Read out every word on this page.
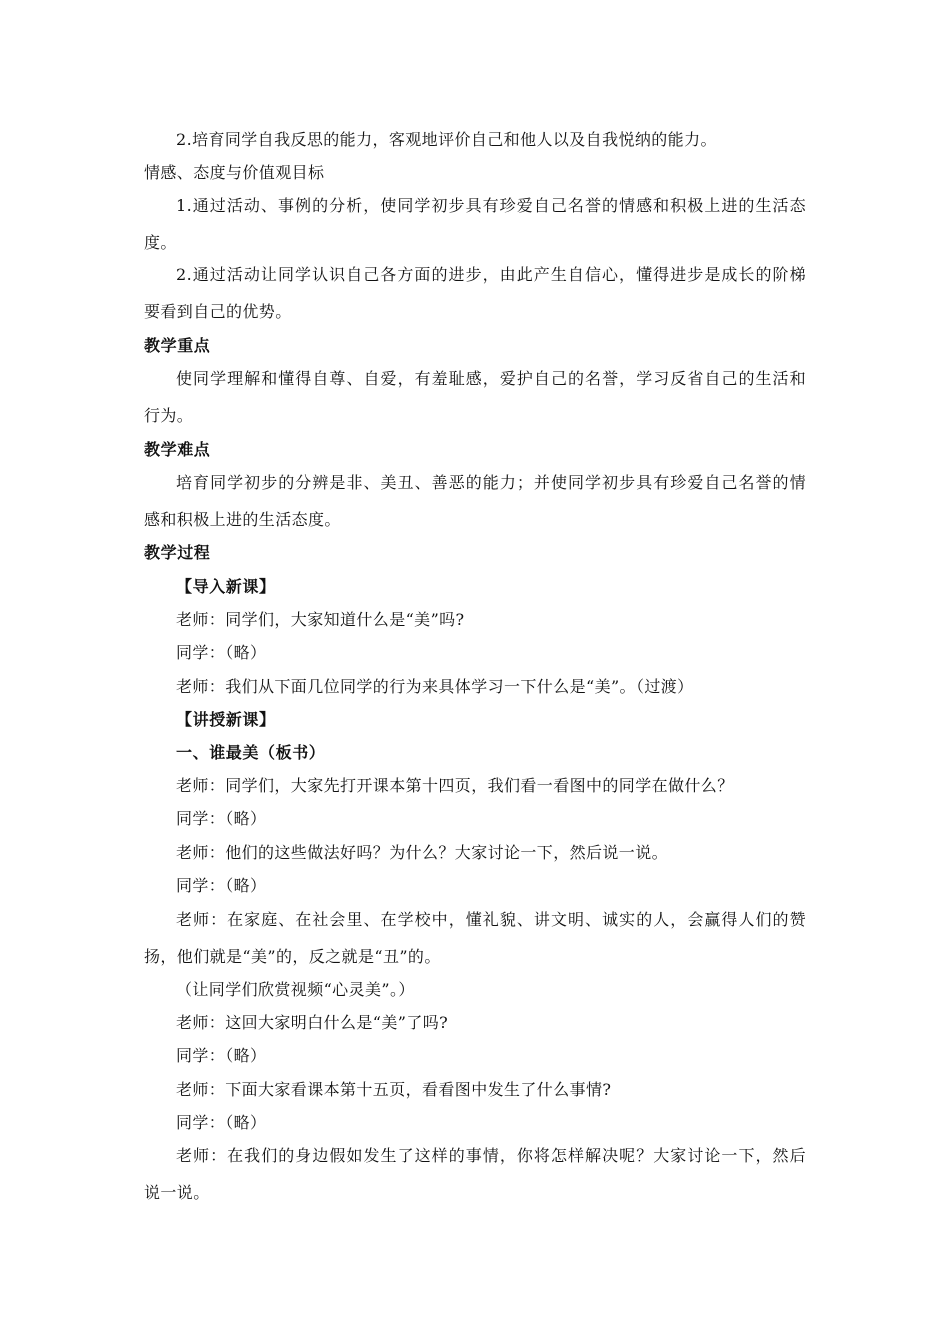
2.培育同学自我反思的能力，客观地评价自己和他人以及自我悦纳的能力。
情感、态度与价值观目标
1.通过活动、事例的分析，使同学初步具有珍爱自己名誉的情感和积极上进的生活态
度。
2.通过活动让同学认识自己各方面的进步，由此产生自信心，懂得进步是成长的阶梯
要看到自己的优势。
教学重点
使同学理解和懂得自尊、自爱，有羞耻感，爱护自己的名誉，学习反省自己的生活和
行为。
教学难点
培育同学初步的分辨是非、美丑、善恶的能力；并使同学初步具有珍爱自己名誉的情
感和积极上进的生活态度。
教学过程
【导入新课】
老师：同学们，大家知道什么是“美”吗?
同学：（略）
老师：我们从下面几位同学的行为来具体学习一下什么是“美”。（过渡）
【讲授新课】
一、谁最美（板书）
老师：同学们，大家先打开课本第十四页，我们看一看图中的同学在做什么？
同学：（略）
老师：他们的这些做法好吗？为什么？大家讨论一下，然后说一说。
同学：（略）
老师：在家庭、在社会里、在学校中，懂礼貌、讲文明、诚实的人，会赢得人们的赞
扬，他们就是“美”的，反之就是“丑”的。
（让同学们欣赏视频“心灵美”。）
老师：这回大家明白什么是“美”了吗?
同学：（略）
老师：下面大家看课本第十五页，看看图中发生了什么事情?
同学：（略）
老师：在我们的身边假如发生了这样的事情，你将怎样解决呢？大家讨论一下，然后
说一说。
